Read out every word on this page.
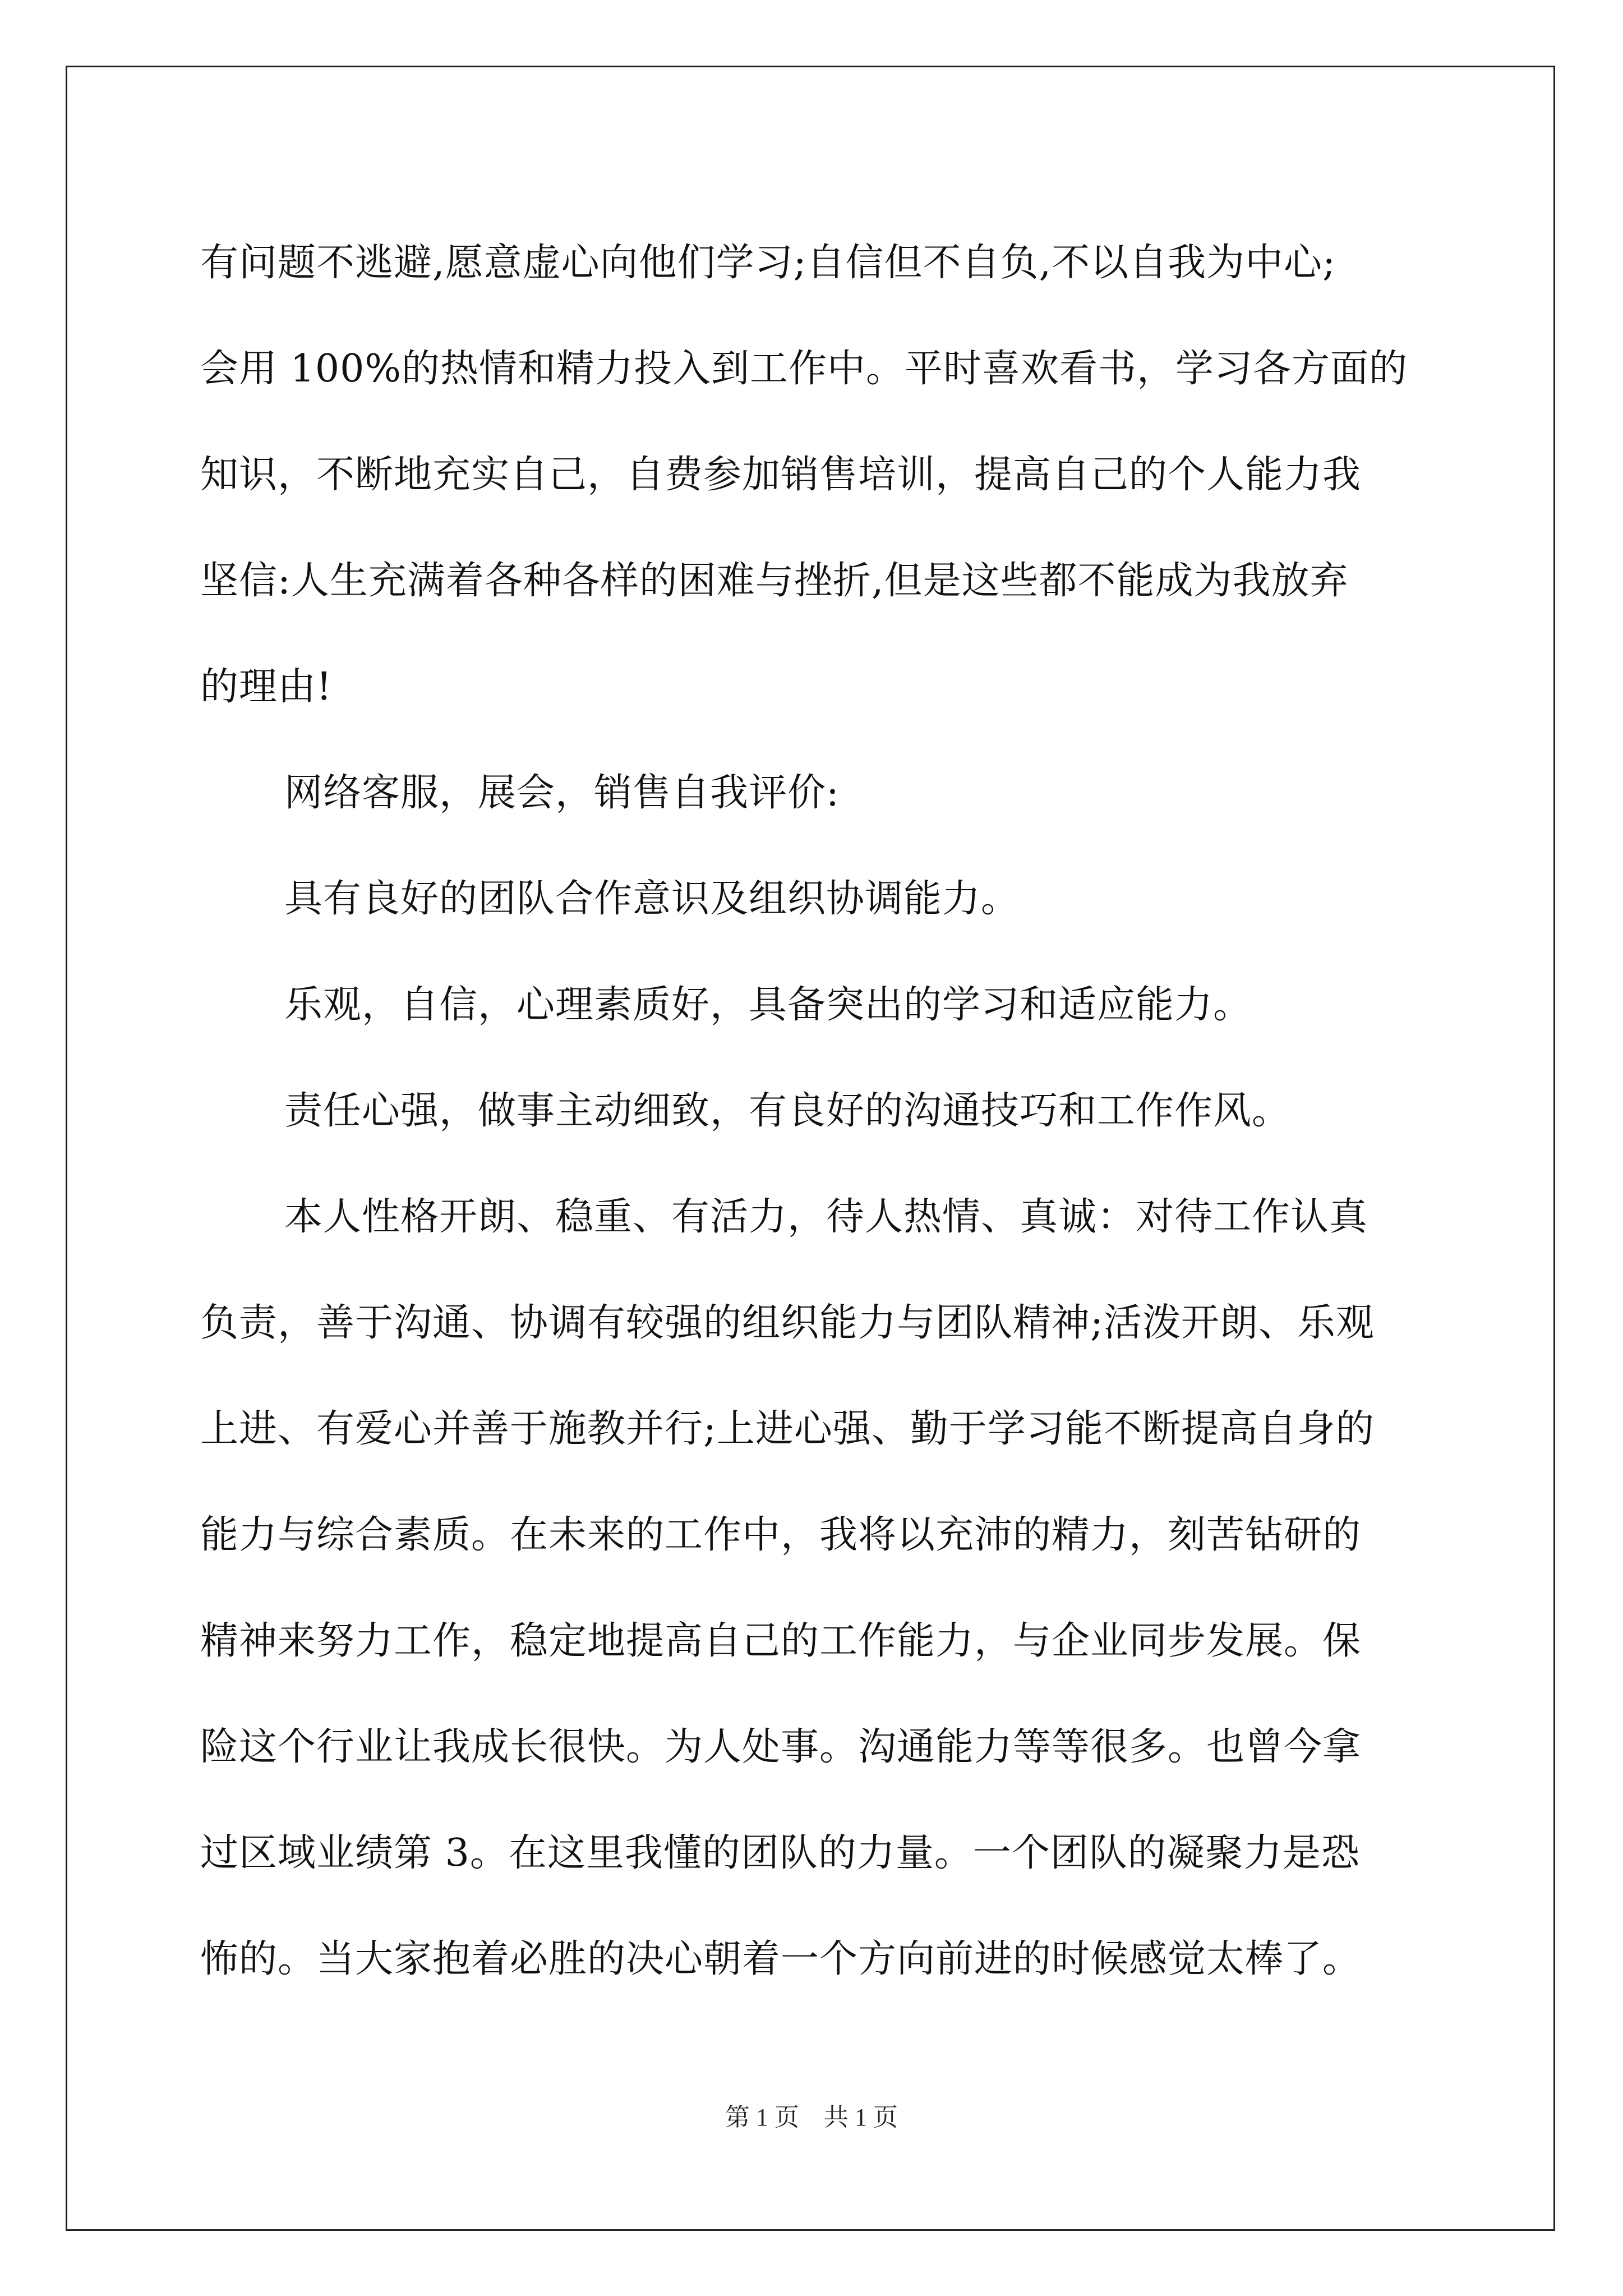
有问题不逃避,愿意虚心向他们学习;自信但不自负,不以自我为中心;
会用 100%的热情和精力投入到工作中。平时喜欢看书，学习各方面的
知识，不断地充实自己，自费参加销售培训，提高自己的个人能力我
坚信:人生充满着各种各样的困难与挫折,但是这些都不能成为我放弃
的理由!
网络客服，展会，销售自我评价:
具有良好的团队合作意识及组织协调能力。
乐观，自信，心理素质好，具备突出的学习和适应能力。
责任心强，做事主动细致，有良好的沟通技巧和工作作风。
本人性格开朗、稳重、有活力，待人热情、真诚：对待工作认真
负责，善于沟通、协调有较强的组织能力与团队精神;活泼开朗、乐观
上进、有爱心并善于施教并行;上进心强、勤于学习能不断提高自身的
能力与综合素质。在未来的工作中，我将以充沛的精力，刻苦钻研的
精神来努力工作，稳定地提高自己的工作能力，与企业同步发展。保
险这个行业让我成长很快。为人处事。沟通能力等等很多。也曾今拿
过区域业绩第 3。在这里我懂的团队的力量。一个团队的凝聚力是恐
怖的。当大家抱着必胜的决心朝着一个方向前进的时候感觉太棒了。
第 1 页　共 1 页
